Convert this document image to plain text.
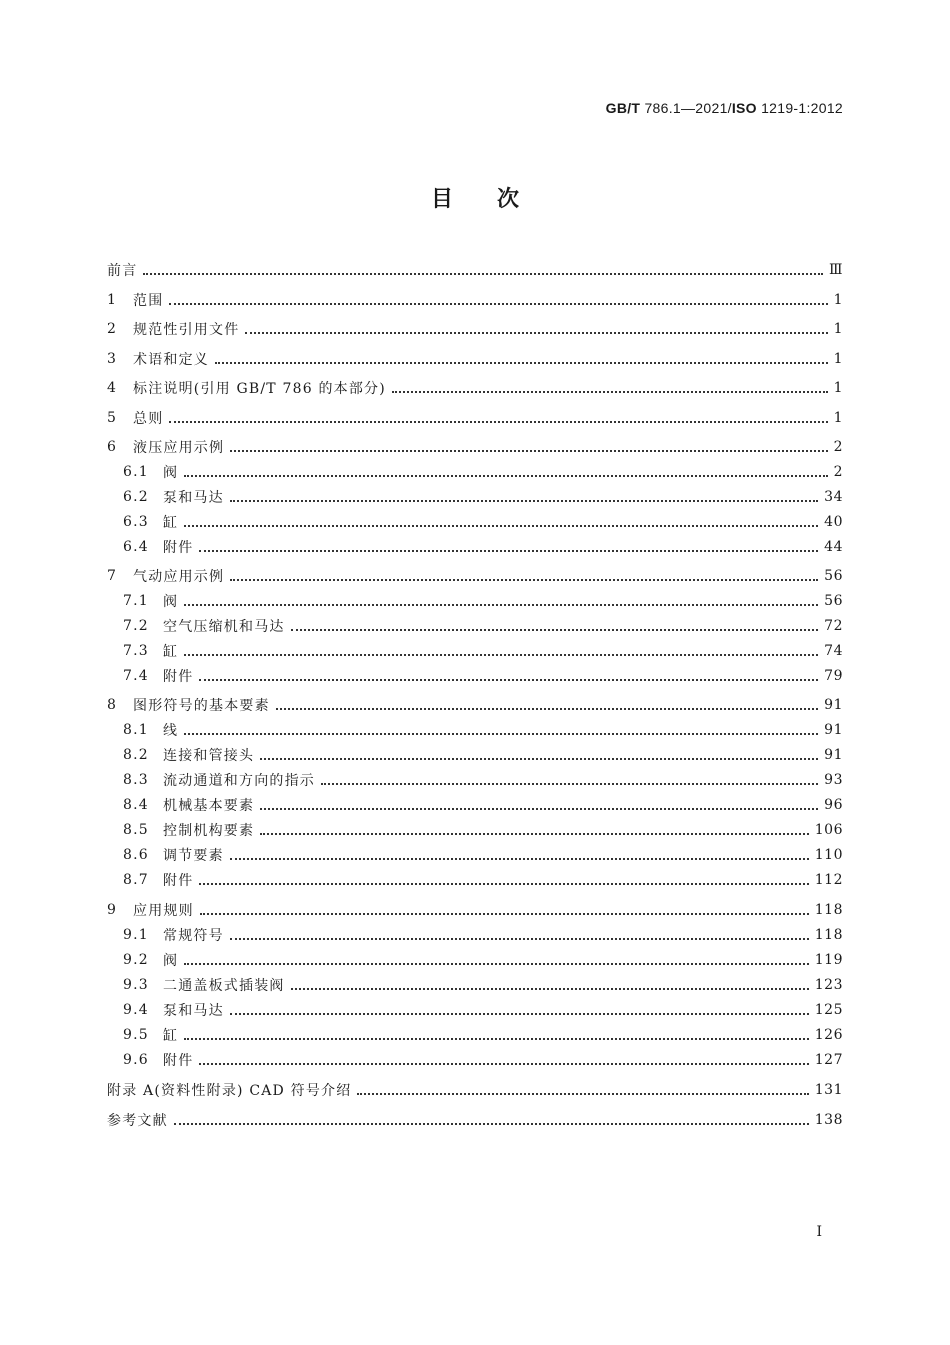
GB/T 786.1—2021/ISO 1219-1:2012
目次
前言	Ⅲ
1	范围	1
2	规范性引用文件	1
3	术语和定义	1
4	标注说明(引用 GB/T 786 的本部分)	1
5	总则	1
6	液压应用示例	2
6.1	阀	2
6.2	泵和马达	34
6.3	缸	40
6.4	附件	44
7	气动应用示例	56
7.1	阀	56
7.2	空气压缩机和马达	72
7.3	缸	74
7.4	附件	79
8	图形符号的基本要素	91
8.1	线	91
8.2	连接和管接头	91
8.3	流动通道和方向的指示	93
8.4	机械基本要素	96
8.5	控制机构要素	106
8.6	调节要素	110
8.7	附件	112
9	应用规则	118
9.1	常规符号	118
9.2	阀	119
9.3	二通盖板式插装阀	123
9.4	泵和马达	125
9.5	缸	126
9.6	附件	127
附录 A(资料性附录) CAD 符号介绍	131
参考文献	138
I
